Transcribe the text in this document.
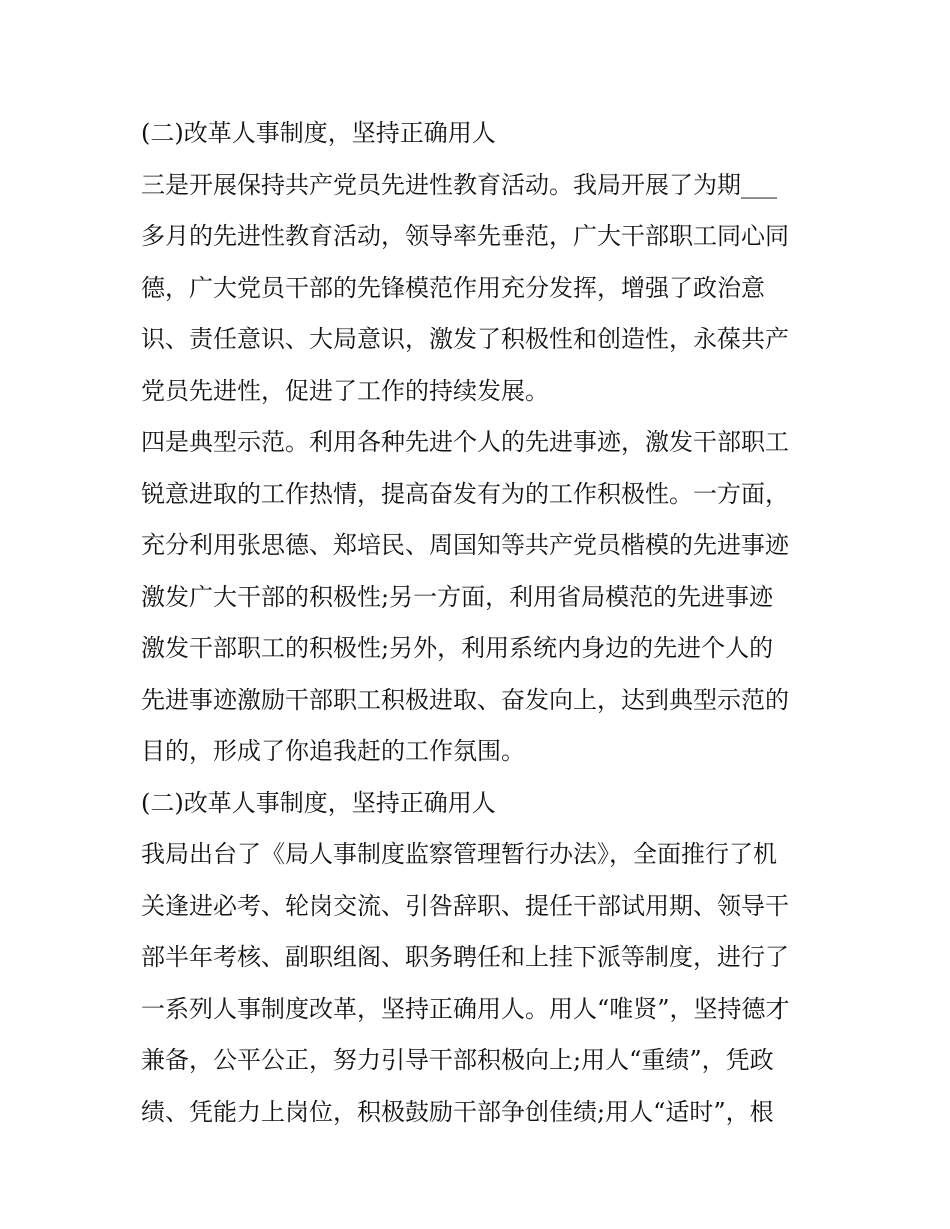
(二)改革人事制度，坚持正确用人
三是开展保持共产党员先进性教育活动。我局开展了为期___
多月的先进性教育活动，领导率先垂范，广大干部职工同心同
德，广大党员干部的先锋模范作用充分发挥，增强了政治意
识、责任意识、大局意识，激发了积极性和创造性，永葆共产
党员先进性，促进了工作的持续发展。
四是典型示范。利用各种先进个人的先进事迹，激发干部职工
锐意进取的工作热情，提高奋发有为的工作积极性。一方面，
充分利用张思德、郑培民、周国知等共产党员楷模的先进事迹
激发广大干部的积极性;另一方面，利用省局模范的先进事迹
激发干部职工的积极性;另外，利用系统内身边的先进个人的
先进事迹激励干部职工积极进取、奋发向上，达到典型示范的
目的，形成了你追我赶的工作氛围。
(二)改革人事制度，坚持正确用人
我局出台了《局人事制度监察管理暂行办法》，全面推行了机
关逢进必考、轮岗交流、引咎辞职、提任干部试用期、领导干
部半年考核、副职组阁、职务聘任和上挂下派等制度，进行了
一系列人事制度改革，坚持正确用人。用人“唯贤”，坚持德才
兼备，公平公正，努力引导干部积极向上;用人“重绩”，凭政
绩、凭能力上岗位，积极鼓励干部争创佳绩;用人“适时”，根
